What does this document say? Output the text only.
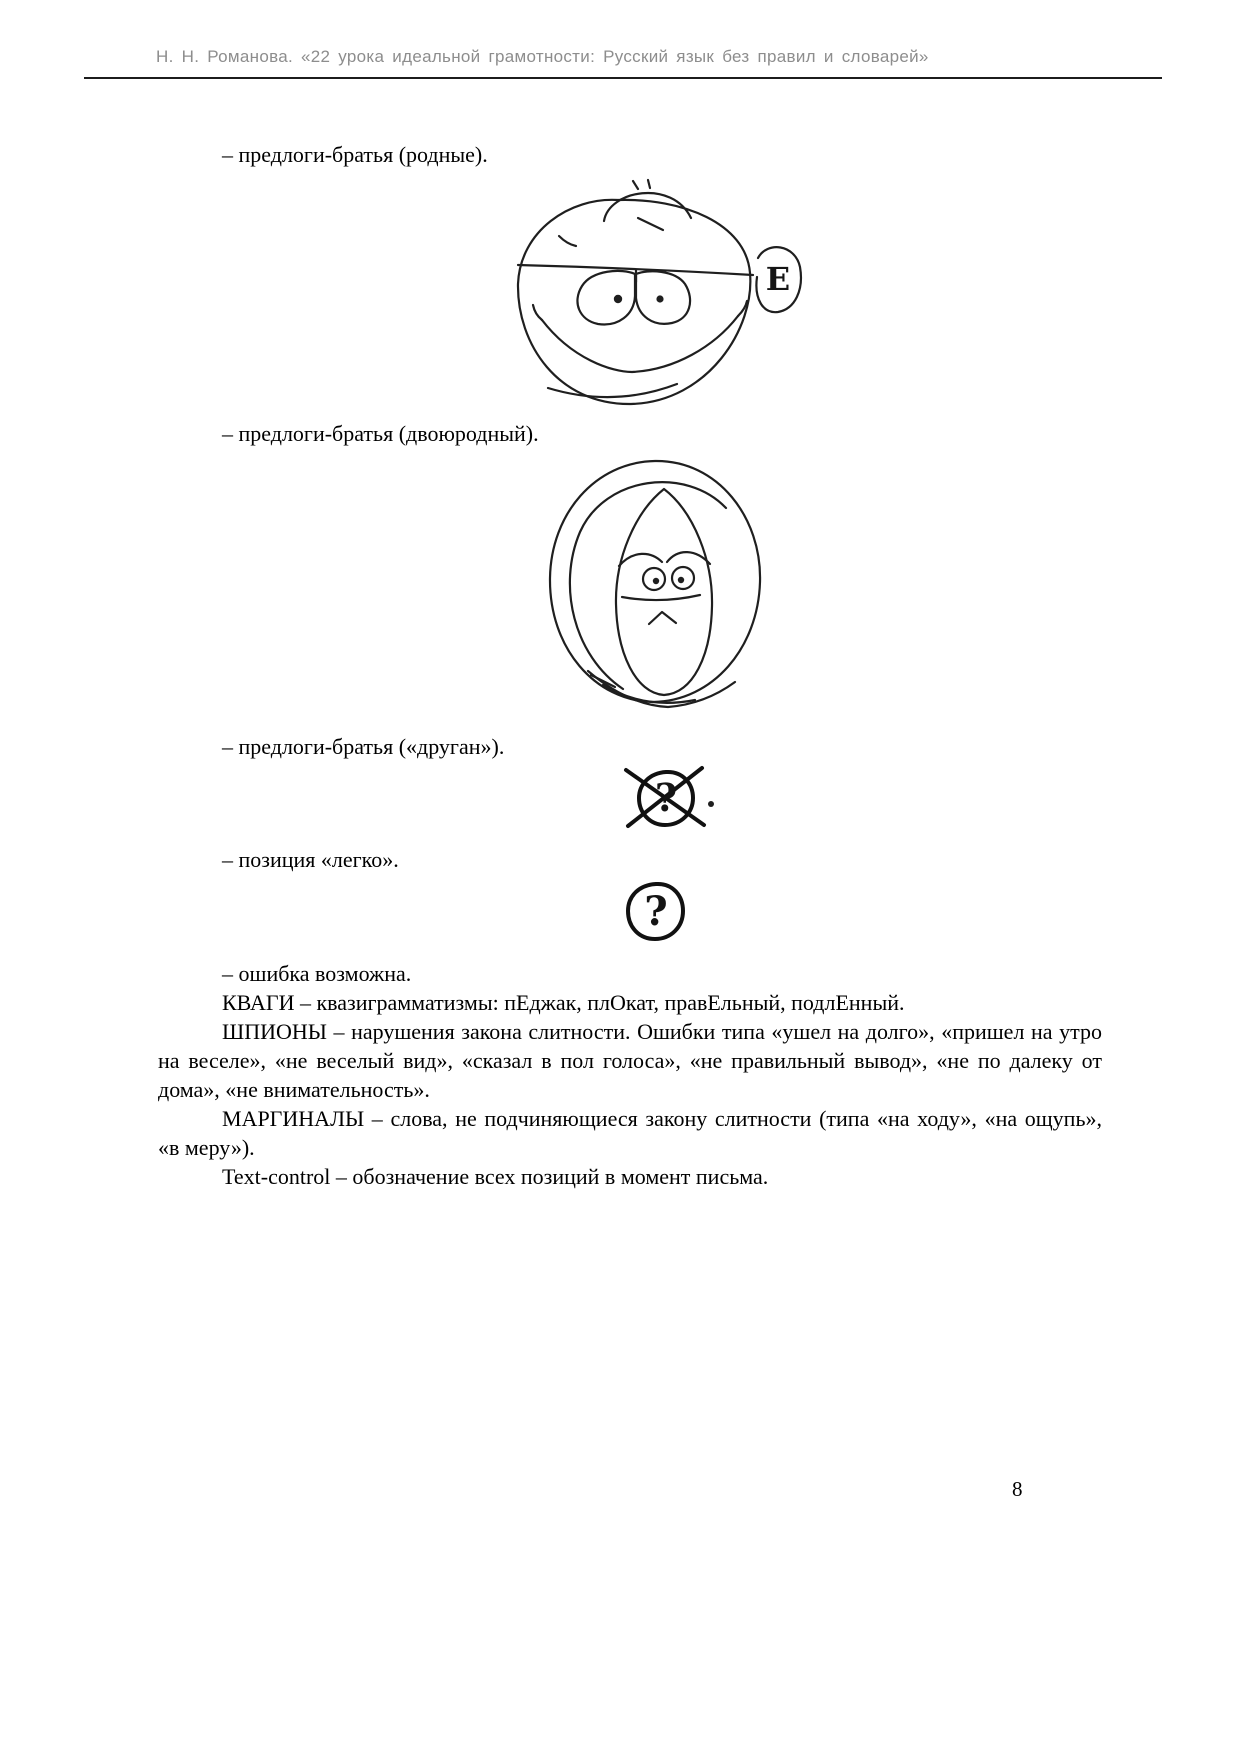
Н. Н. Романова. «22 урока идеальной грамотности: Русский язык без правил и словарей»
– предлоги-братья (родные).
Е
– предлоги-братья (двоюродный).
– предлоги-братья («друган»).
?
– позиция «легко».
?

– ошибка возможна.

КВАГИ – квазиграмматизмы: пЕджак, плОкат, правЕльный, подлЕнный.

ШПИОНЫ – нарушения закона слитности. Ошибки типа «ушел на долго», «пришел на утро на веселе», «не веселый вид», «сказал в пол голоса», «не правильный вывод», «не по далеку от дома», «не внимательность».

МАРГИНАЛЫ – слова, не подчиняющиеся закону слитности (типа «на ходу», «на ощупь», «в меру»).

Text-control – обозначение всех позиций в момент письма.

8
